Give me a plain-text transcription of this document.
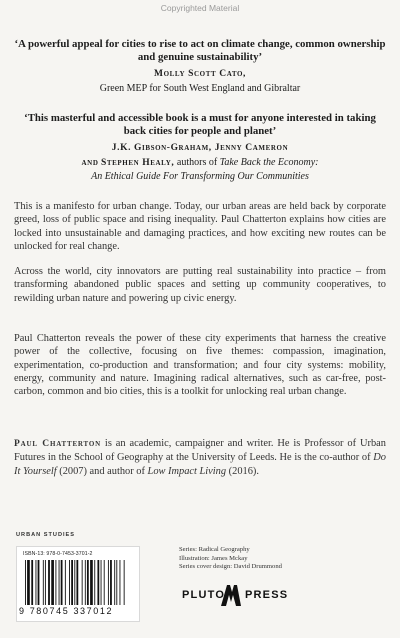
Copyrighted Material
‘A powerful appeal for cities to rise to act on climate change, common ownership and genuine sustainability’
Molly Scott Cato,
Green MEP for South West England and Gibraltar
‘This masterful and accessible book is a must for anyone interested in taking back cities for people and planet’
J.K. Gibson-Graham, Jenny Cameron
and Stephen Healy, authors of Take Back the Economy:
An Ethical Guide For Transforming Our Communities

This is a manifesto for urban change. Today, our urban areas are held back by corporate greed, loss of public space and rising inequality. Paul Chatterton explains how cities are locked into unsustainable and damaging practices, and how exciting new routes can be unlocked for real change.

Across the world, city innovators are putting real sustainability into practice – from transforming abandoned public spaces and setting up community cooperatives, to rewilding urban nature and powering up civic energy.

Paul Chatterton reveals the power of these city experiments that harness the creative power of the collective, focusing on five themes: compassion, imagination, experimentation, co-production and transformation; and four city systems: mobility, energy, community and nature. Imagining radical alternatives, such as car-free, post-carbon, common and bio cities, this is a toolkit for unlocking real urban change.

Paul Chatterton is an academic, campaigner and writer. He is Professor of Urban Futures in the School of Geography at the University of Leeds. He is the co-author of Do It Yourself (2007) and author of Low Impact Living (2016).

URBAN STUDIES
ISBN-13: 978-0-7453-3701-2
9 780745 337012
Series: Radical Geography
Illustration: James Mckay
Series cover design: David Drummond
PLUTO PRESS
